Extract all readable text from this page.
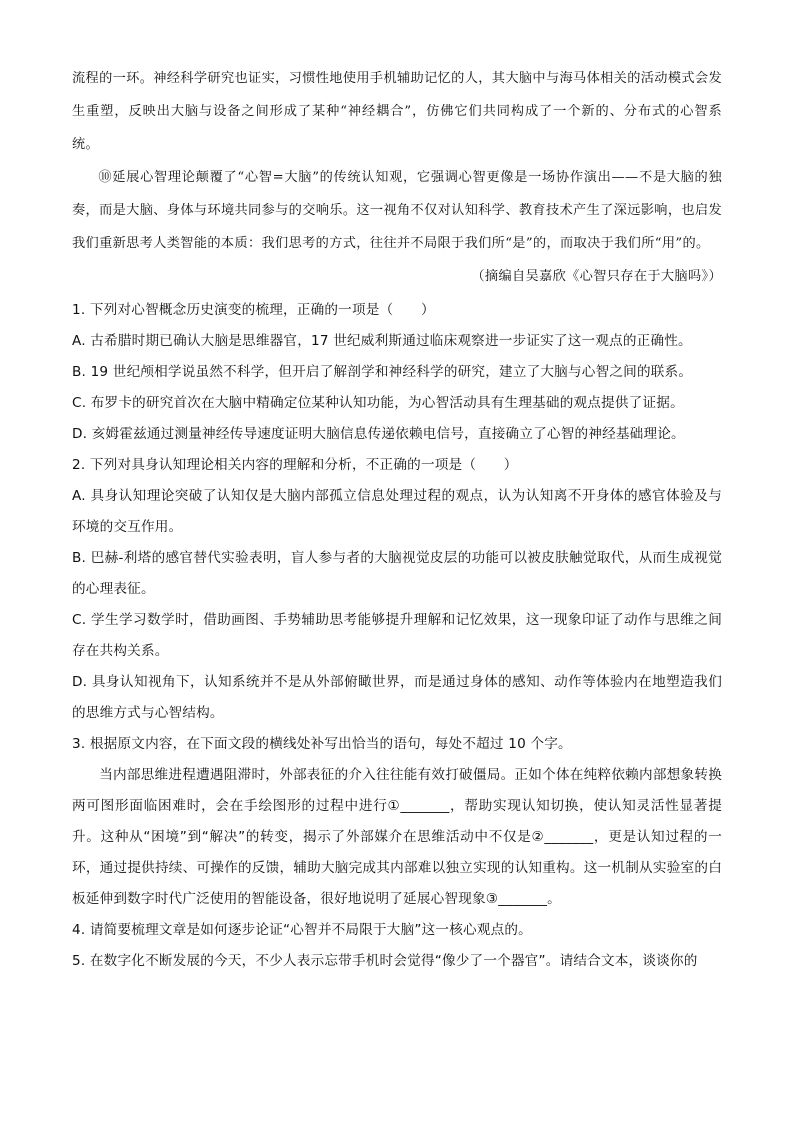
流程的一环。神经科学研究也证实，习惯性地使用手机辅助记忆的人，其大脑中与海马体相关的活动模式会发生重塑，反映出大脑与设备之间形成了某种“神经耦合”，仿佛它们共同构成了一个新的、分布式的心智系统。

⑩延展心智理论颠覆了“心智=大脑”的传统认知观，它强调心智更像是一场协作演出——不是大脑的独奏，而是大脑、身体与环境共同参与的交响乐。这一视角不仅对认知科学、教育技术产生了深远影响，也启发我们重新思考人类智能的本质：我们思考的方式，往往并不局限于我们所“是”的，而取决于我们所“用”的。

（摘编自吴嘉欣《心智只存在于大脑吗》）

1. 下列对心智概念历史演变的梳理，正确的一项是（　　）

A. 古希腊时期已确认大脑是思维器官，17 世纪威利斯通过临床观察进一步证实了这一观点的正确性。

B. 19 世纪颅相学说虽然不科学，但开启了解剖学和神经科学的研究，建立了大脑与心智之间的联系。

C. 布罗卡的研究首次在大脑中精确定位某种认知功能，为心智活动具有生理基础的观点提供了证据。

D. 亥姆霍兹通过测量神经传导速度证明大脑信息传递依赖电信号，直接确立了心智的神经基础理论。

2. 下列对具身认知理论相关内容的理解和分析，不正确的一项是（　　）

A. 具身认知理论突破了认知仅是大脑内部孤立信息处理过程的观点，认为认知离不开身体的感官体验及与环境的交互作用。

B. 巴赫-利塔的感官替代实验表明，盲人参与者的大脑视觉皮层的功能可以被皮肤触觉取代，从而生成视觉的心理表征。

C. 学生学习数学时，借助画图、手势辅助思考能够提升理解和记忆效果，这一现象印证了动作与思维之间存在共构关系。

D. 具身认知视角下，认知系统并不是从外部俯瞰世界，而是通过身体的感知、动作等体验内在地塑造我们的思维方式与心智结构。

3. 根据原文内容，在下面文段的横线处补写出恰当的语句，每处不超过 10 个字。

当内部思维进程遭遇阻滞时，外部表征的介入往往能有效打破僵局。正如个体在纯粹依赖内部想象转换两可图形面临困难时，会在手绘图形的过程中进行①_______，帮助实现认知切换，使认知灵活性显著提升。这种从“困境”到“解决”的转变，揭示了外部媒介在思维活动中不仅是②_______，更是认知过程的一环，通过提供持续、可操作的反馈，辅助大脑完成其内部难以独立实现的认知重构。这一机制从实验室的白板延伸到数字时代广泛使用的智能设备，很好地说明了延展心智现象③_______。

4. 请简要梳理文章是如何逐步论证“心智并不局限于大脑”这一核心观点的。

5. 在数字化不断发展的今天，不少人表示忘带手机时会觉得“像少了一个器官”。请结合文本，谈谈你的
